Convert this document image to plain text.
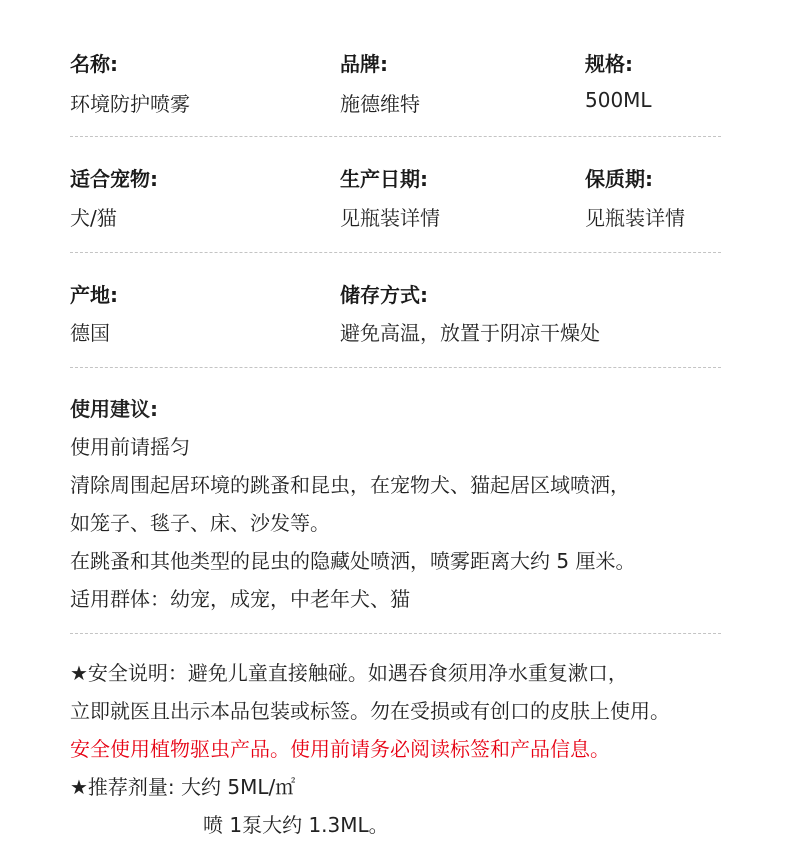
名称:
环境防护喷雾
品牌:
施德维特
规格:
500ML
适合宠物:
犬/猫
生产日期:
见瓶装详情
保质期:
见瓶装详情
产地:
德国
储存方式:
避免高温，放置于阴凉干燥处
使用建议:
使用前请摇匀
清除周围起居环境的跳蚤和昆虫，在宠物犬、猫起居区域喷洒，
如笼子、毯子、床、沙发等。
在跳蚤和其他类型的昆虫的隐藏处喷洒，喷雾距离大约 5 厘米。
适用群体：幼宠，成宠，中老年犬、猫
★安全说明：避免儿童直接触碰。如遇吞食须用净水重复漱口，
立即就医且出示本品包装或标签。勿在受损或有创口的皮肤上使用。
安全使用植物驱虫产品。使用前请务必阅读标签和产品信息。
★推荐剂量: 大约 5ML/㎡
喷 1泵大约 1.3ML。
